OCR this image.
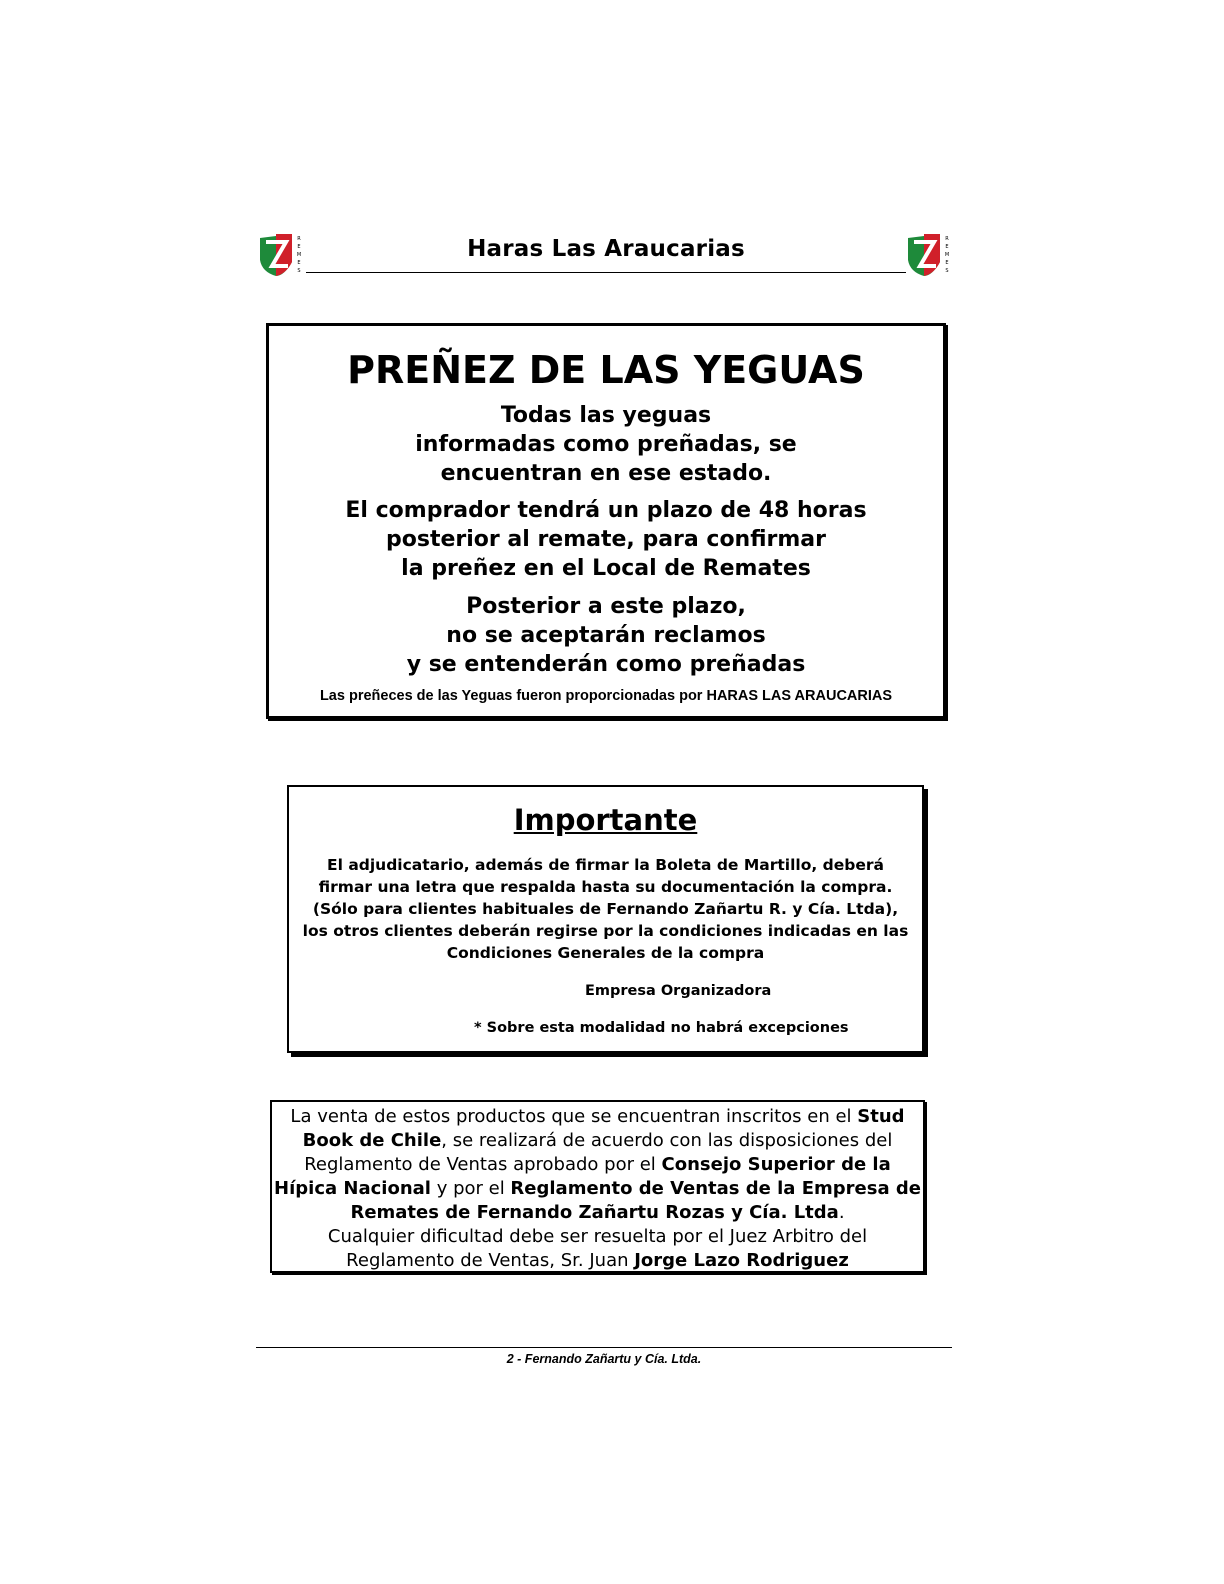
R
E
M
E
S
Haras Las Araucarias	R
E
M
E
S
PREÑEZ DE LAS YEGUAS
Todas las yeguas
informadas como preñadas, se
encuentran en ese estado.
El comprador tendrá un plazo de 48 horas
posterior al remate, para confirmar
la preñez en el Local de Remates
Posterior a este plazo,
no se aceptarán reclamos
y se entenderán como preñadas
Las preñeces de las Yeguas fueron proporcionadas por HARAS LAS ARAUCARIAS
Importante
El adjudicatario, además de firmar la Boleta de Martillo, deberá
firmar una letra que respalda hasta su documentación la compra.
(Sólo para clientes habituales de Fernando Zañartu R. y Cía. Ltda),
los otros clientes deberán regirse por la condiciones indicadas en las
Condiciones Generales de la compra
Empresa Organizadora
* Sobre esta modalidad no habrá excepciones
La venta de estos productos que se encuentran inscritos en el Stud
Book de Chile, se realizará de acuerdo con las disposiciones del
Reglamento de Ventas aprobado por el Consejo Superior de la
Hípica Nacional y por el Reglamento de Ventas de la Empresa de
Remates de Fernando Zañartu Rozas y Cía. Ltda.
Cualquier dificultad debe ser resuelta por el Juez Arbitro del
Reglamento de Ventas, Sr. Juan Jorge Lazo Rodriguez
2 - Fernando Zañartu y Cía. Ltda.
